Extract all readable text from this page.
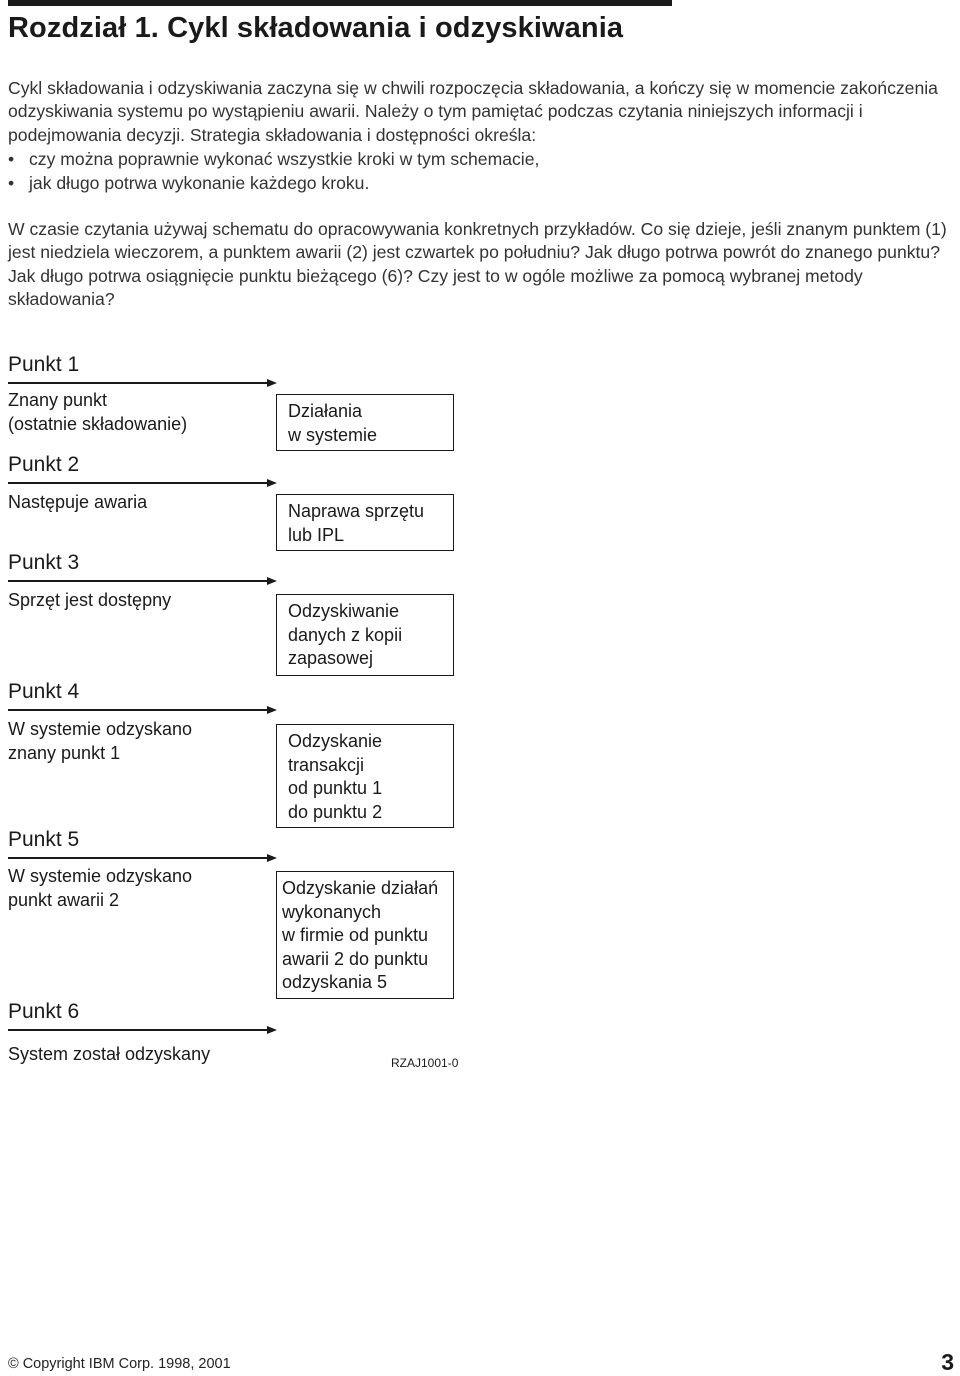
Rozdział 1. Cykl składowania i odzyskiwania

Cykl składowania i odzyskiwania zaczyna się w chwili rozpoczęcia składowania, a kończy się w momencie zakończenia odzyskiwania systemu po wystąpieniu awarii. Należy o tym pamiętać podczas czytania niniejszych informacji i podejmowania decyzji. Strategia składowania i dostępności określa:

• czy można poprawnie wykonać wszystkie kroki w tym schemacie,
• jak długo potrwa wykonanie każdego kroku.

W czasie czytania używaj schematu do opracowywania konkretnych przykładów. Co się dzieje, jeśli znanym punktem (1) jest niedziela wieczorem, a punktem awarii (2) jest czwartek po południu? Jak długo potrwa powrót do znanego punktu? Jak długo potrwa osiągnięcie punktu bieżącego (6)? Czy jest to w ogóle możliwe za pomocą wybranej metody składowania?

Punkt 1

Znany punkt
(ostatnie składowanie)

Działania
w systemie

Punkt 2

Następuje awaria	Naprawa sprzętu
lub IPL

Punkt 3

Sprzęt jest dostępny

Odzyskiwanie
danych z kopii
zapasowej

Punkt 4

W systemie odzyskano
znany punkt 1

Odzyskanie
transakcji
od punktu 1
do punktu 2

Punkt 5

W systemie odzyskano
punkt awarii 2

Odzyskanie działań
wykonanych
w firmie od punktu
awarii 2 do punktu
odzyskania 5

Punkt 6

System został odzyskany	RZAJ1001-0

© Copyright IBM Corp. 1998, 2001	3
